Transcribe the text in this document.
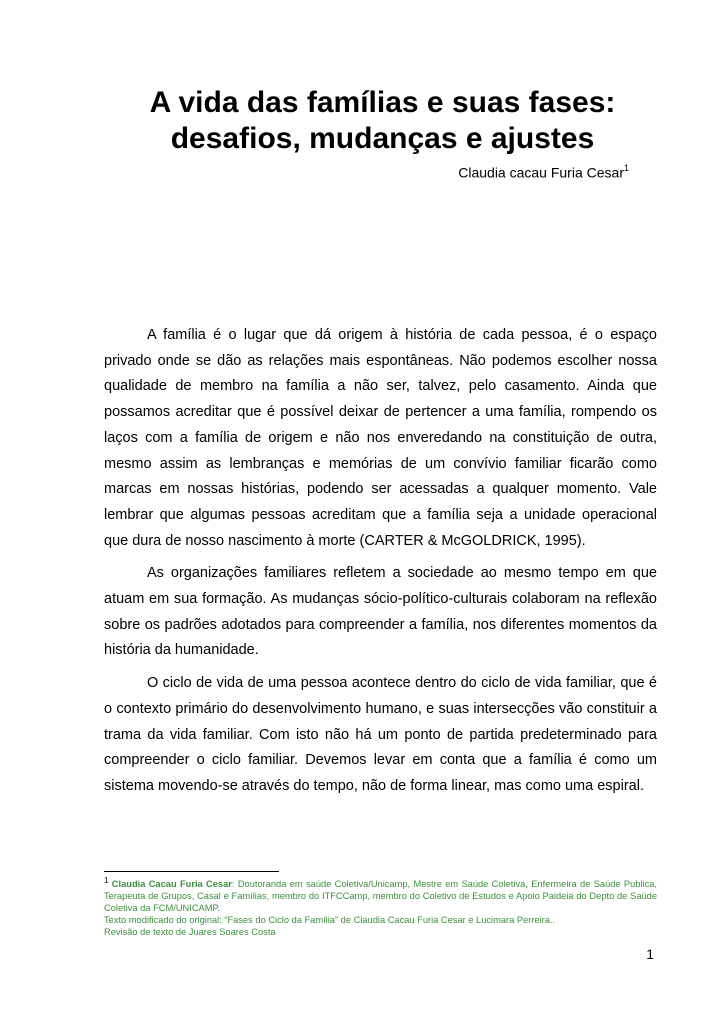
A vida das famílias e suas fases:
desafios, mudanças e ajustes
Claudia cacau Furia Cesar$^1$

A família é o lugar que dá origem à história de cada pessoa, é o espaço privado onde se dão as relações mais espontâneas. Não podemos escolher nossa qualidade de membro na família a não ser, talvez, pelo casamento. Ainda que possamos acreditar que é possível deixar de pertencer a uma família, rompendo os laços com a família de origem e não nos enveredando na constituição de outra, mesmo assim as lembranças e memórias de um convívio familiar ficarão como marcas em nossas histórias, podendo ser acessadas a qualquer momento. Vale lembrar que algumas pessoas acreditam que a família seja a unidade operacional que dura de nosso nascimento à morte (CARTER & McGOLDRICK, 1995).

As organizações familiares refletem a sociedade ao mesmo tempo em que atuam em sua formação. As mudanças sócio-político-culturais colaboram na reflexão sobre os padrões adotados para compreender a família, nos diferentes momentos da história da humanidade.

O ciclo de vida de uma pessoa acontece dentro do ciclo de vida familiar, que é o contexto primário do desenvolvimento humano, e suas intersecções vão constituir a trama da vida familiar. Com isto não há um ponto de partida predeterminado para compreender o ciclo familiar. Devemos levar em conta que a família é como um sistema movendo-se através do tempo, não de forma linear, mas como uma espiral.

1 Claudia Cacau Furia Cesar: Doutoranda em saúde Coletiva/Unicamp, Mestre em Saúde Coletiva, Enfermeira de Saúde Publica, Terapeuta de Grupos, Casal e Famílias, membro do ITFCCamp, membro do Coletivo de Estudos e Apoio Paideia do Depto de Saúde Coletiva da FCM/UNICAMP.
Texto modificado do original: “Fases do Ciclo da Família” de Claudia Cacau Furia Cesar e Lucimara Perreira..
Revisão de texto de Juares Soares Costa
1
